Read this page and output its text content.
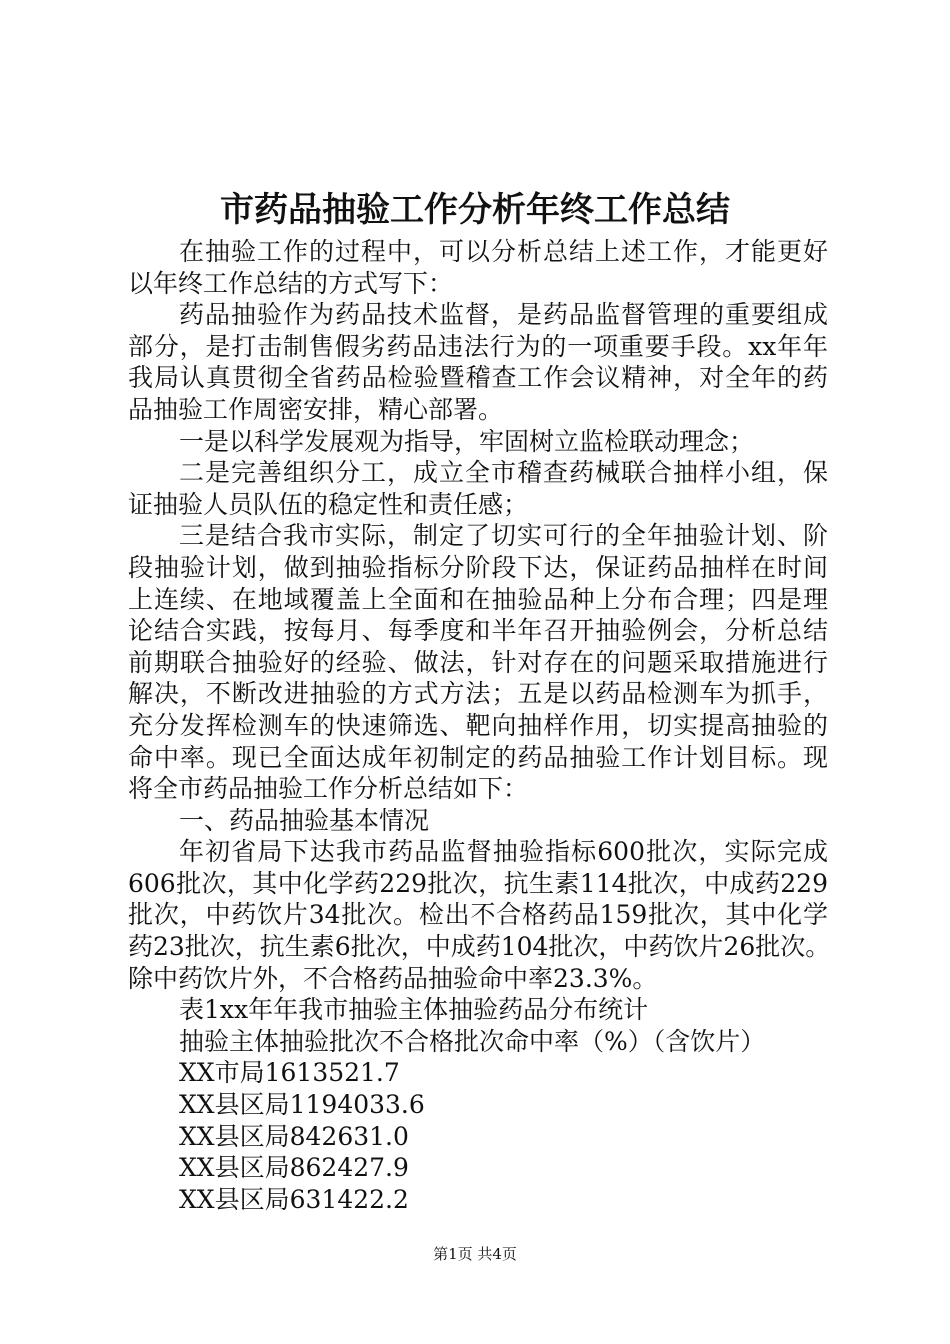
市药品抽验工作分析年终工作总结
在抽验工作的过程中，可以分析总结上述工作，才能更好
以年终工作总结的方式写下：
药品抽验作为药品技术监督，是药品监督管理的重要组成
部分，是打击制售假劣药品违法行为的一项重要手段。xx年年
我局认真贯彻全省药品检验暨稽查工作会议精神，对全年的药
品抽验工作周密安排，精心部署。
一是以科学发展观为指导，牢固树立监检联动理念；
二是完善组织分工，成立全市稽查药械联合抽样小组，保
证抽验人员队伍的稳定性和责任感；
三是结合我市实际，制定了切实可行的全年抽验计划、阶
段抽验计划，做到抽验指标分阶段下达，保证药品抽样在时间
上连续、在地域覆盖上全面和在抽验品种上分布合理；四是理
论结合实践，按每月、每季度和半年召开抽验例会，分析总结
前期联合抽验好的经验、做法，针对存在的问题采取措施进行
解决，不断改进抽验的方式方法；五是以药品检测车为抓手，
充分发挥检测车的快速筛选、靶向抽样作用，切实提高抽验的
命中率。现已全面达成年初制定的药品抽验工作计划目标。现
将全市药品抽验工作分析总结如下：
一、药品抽验基本情况
年初省局下达我市药品监督抽验指标600批次，实际完成
606批次，其中化学药229批次，抗生素114批次，中成药229
批次，中药饮片34批次。检出不合格药品159批次，其中化学
药23批次，抗生素6批次，中成药104批次，中药饮片26批次。
除中药饮片外，不合格药品抽验命中率23.3%。
表1xx年年我市抽验主体抽验药品分布统计
抽验主体抽验批次不合格批次命中率（%）（含饮片）
XX市局1613521.7
XX县区局1194033.6
XX县区局842631.0
XX县区局862427.9
XX县区局631422.2
第1页 共4页
